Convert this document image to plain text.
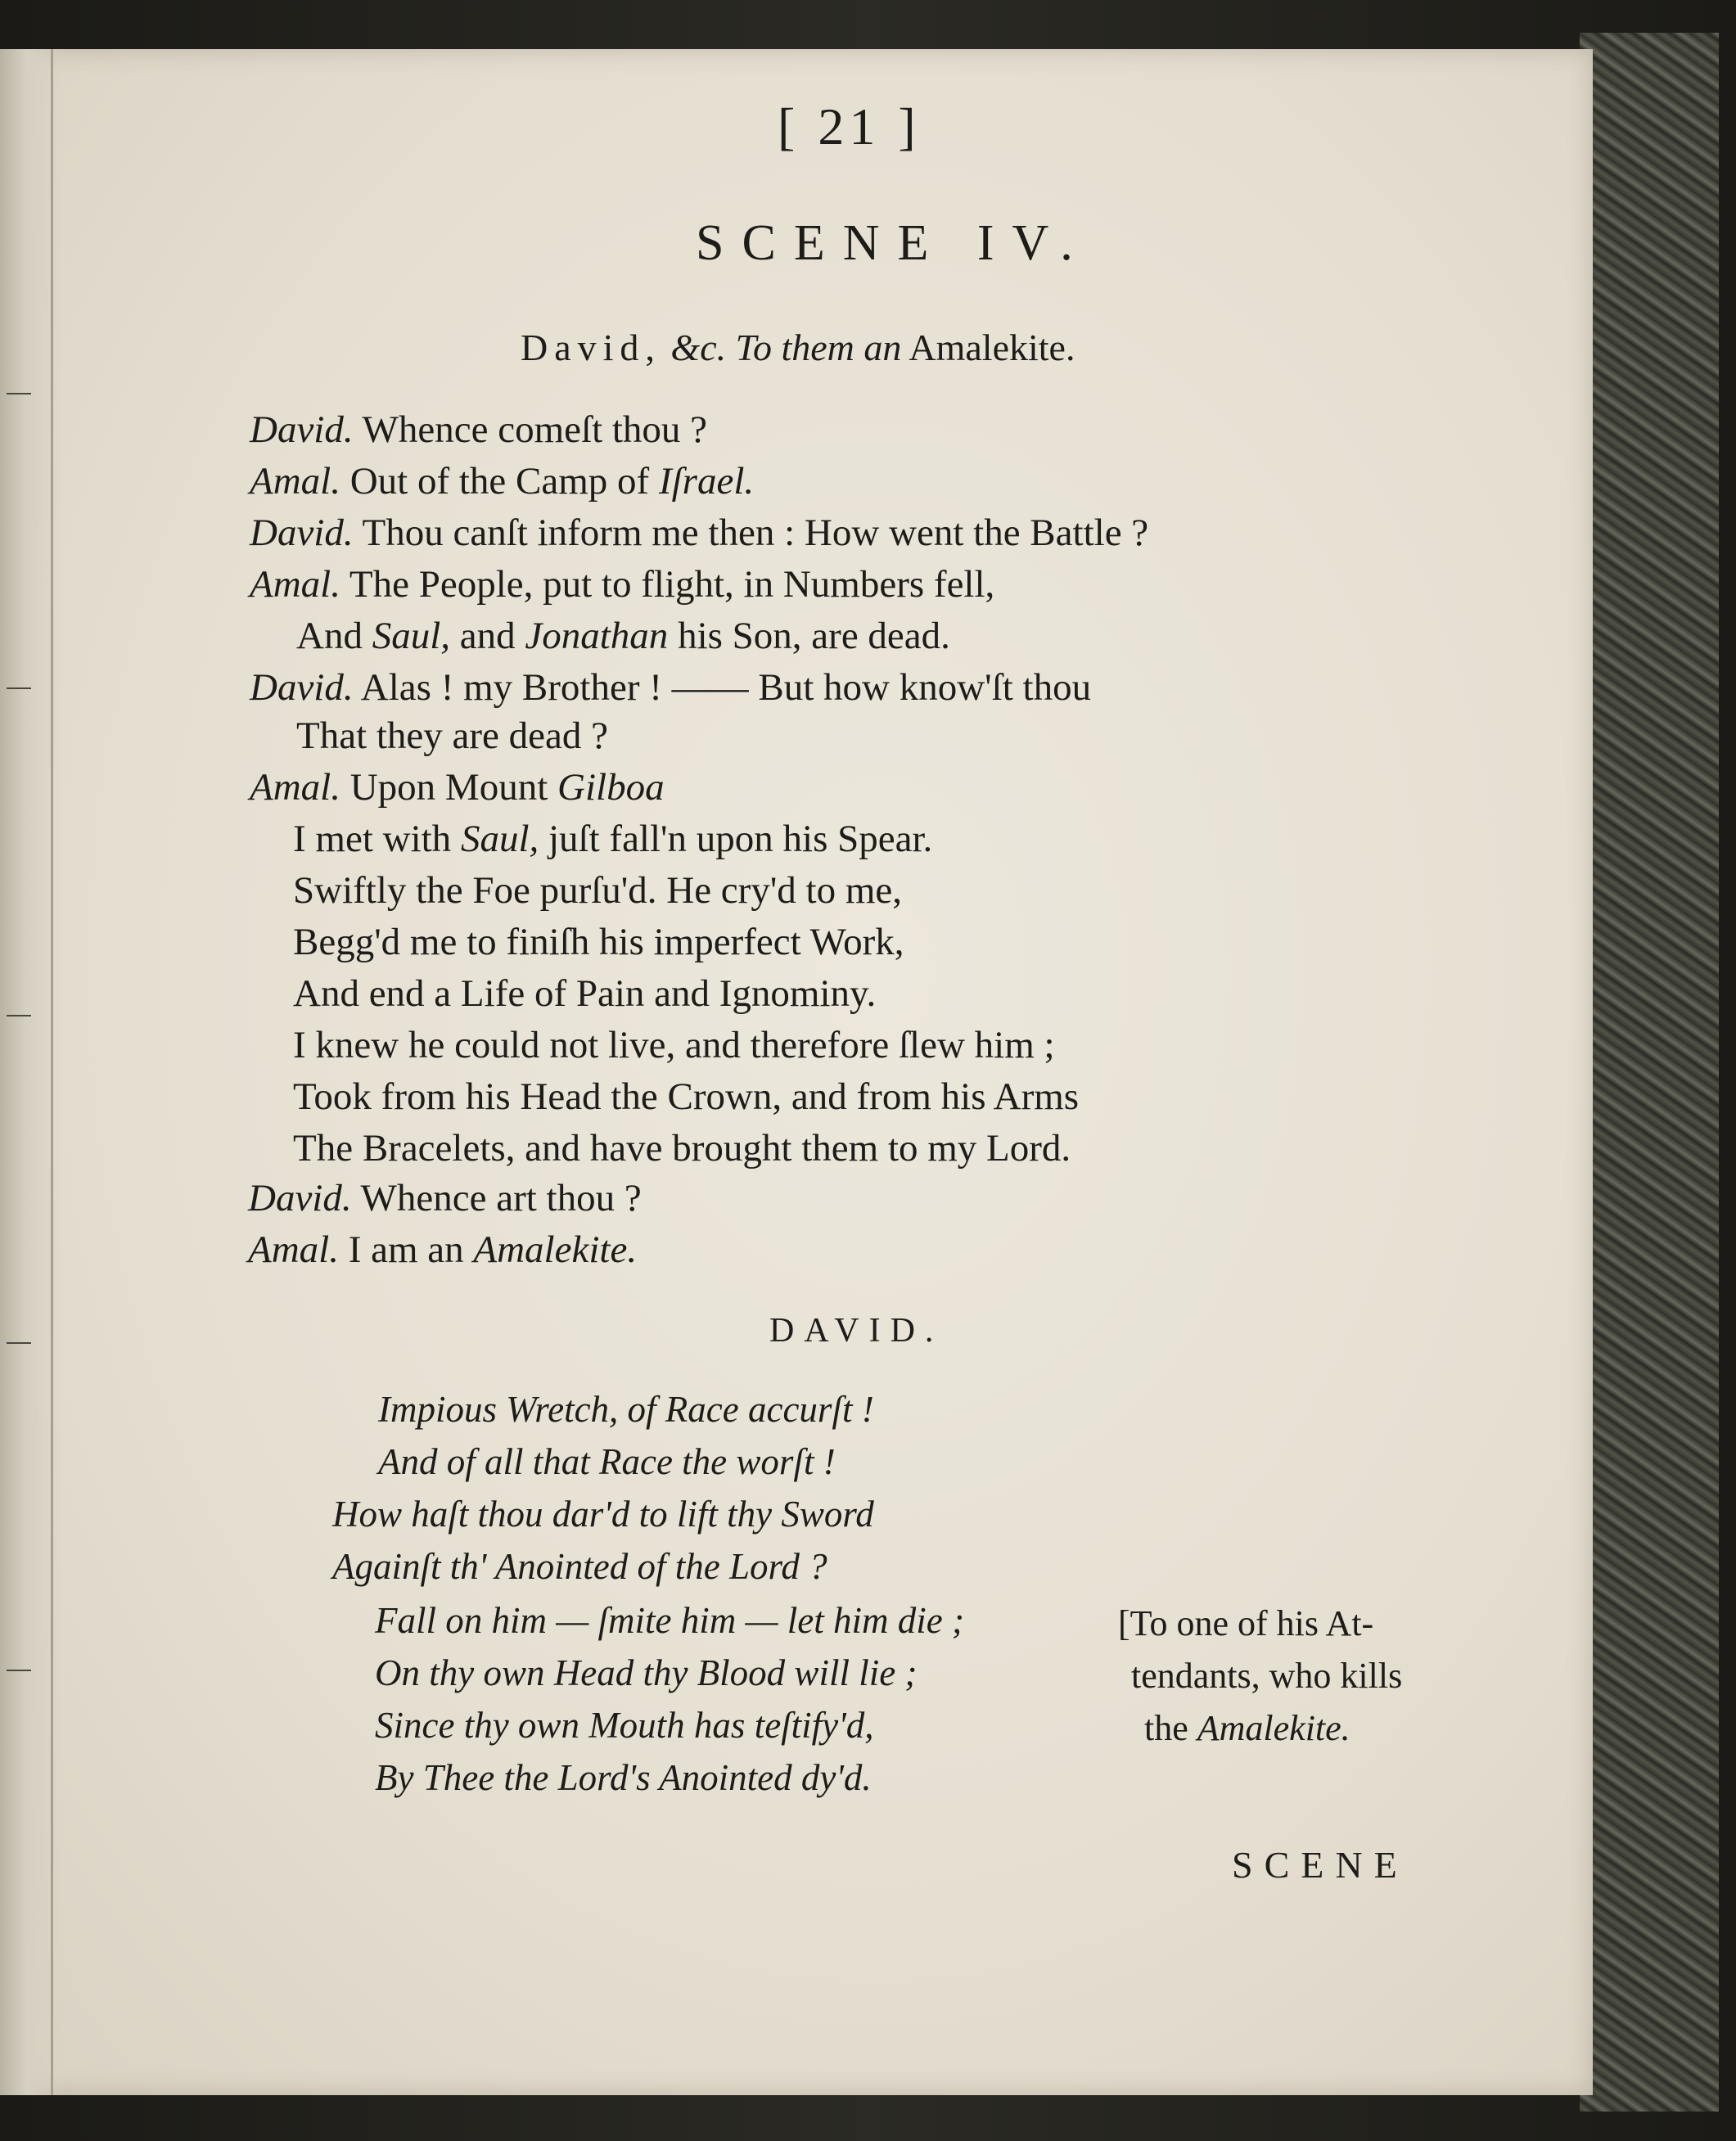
[ 21 ]
SCENE IV.
David, &c. To them an Amalekite.
David. Whence comeſt thou ?
Amal. Out of the Camp of Iſrael.
David. Thou canſt inform me then : How went the Battle ?
Amal. The People, put to flight, in Numbers fell,
And Saul, and Jonathan his Son, are dead.
David. Alas ! my Brother ! —— But how know'ſt thou
That they are dead ?
Amal. Upon Mount Gilboa
I met with Saul, juſt fall'n upon his Spear.
Swiftly the Foe purſu'd. He cry'd to me,
Begg'd me to finiſh his imperfect Work,
And end a Life of Pain and Ignominy.
I knew he could not live, and therefore ſlew him ;
Took from his Head the Crown, and from his Arms
The Bracelets, and have brought them to my Lord.
David. Whence art thou ?
Amal. I am an Amalekite.
DAVID.
Impious Wretch, of Race accurſt !
And of all that Race the worſt !
How haſt thou dar'd to lift thy Sword
Againſt th' Anointed of the Lord ?
Fall on him — ſmite him — let him die ;
On thy own Head thy Blood will lie ;
Since thy own Mouth has teſtify'd,
By Thee the Lord's Anointed dy'd.
[To one of his At-
tendants, who kills
the Amalekite.
SCENE
